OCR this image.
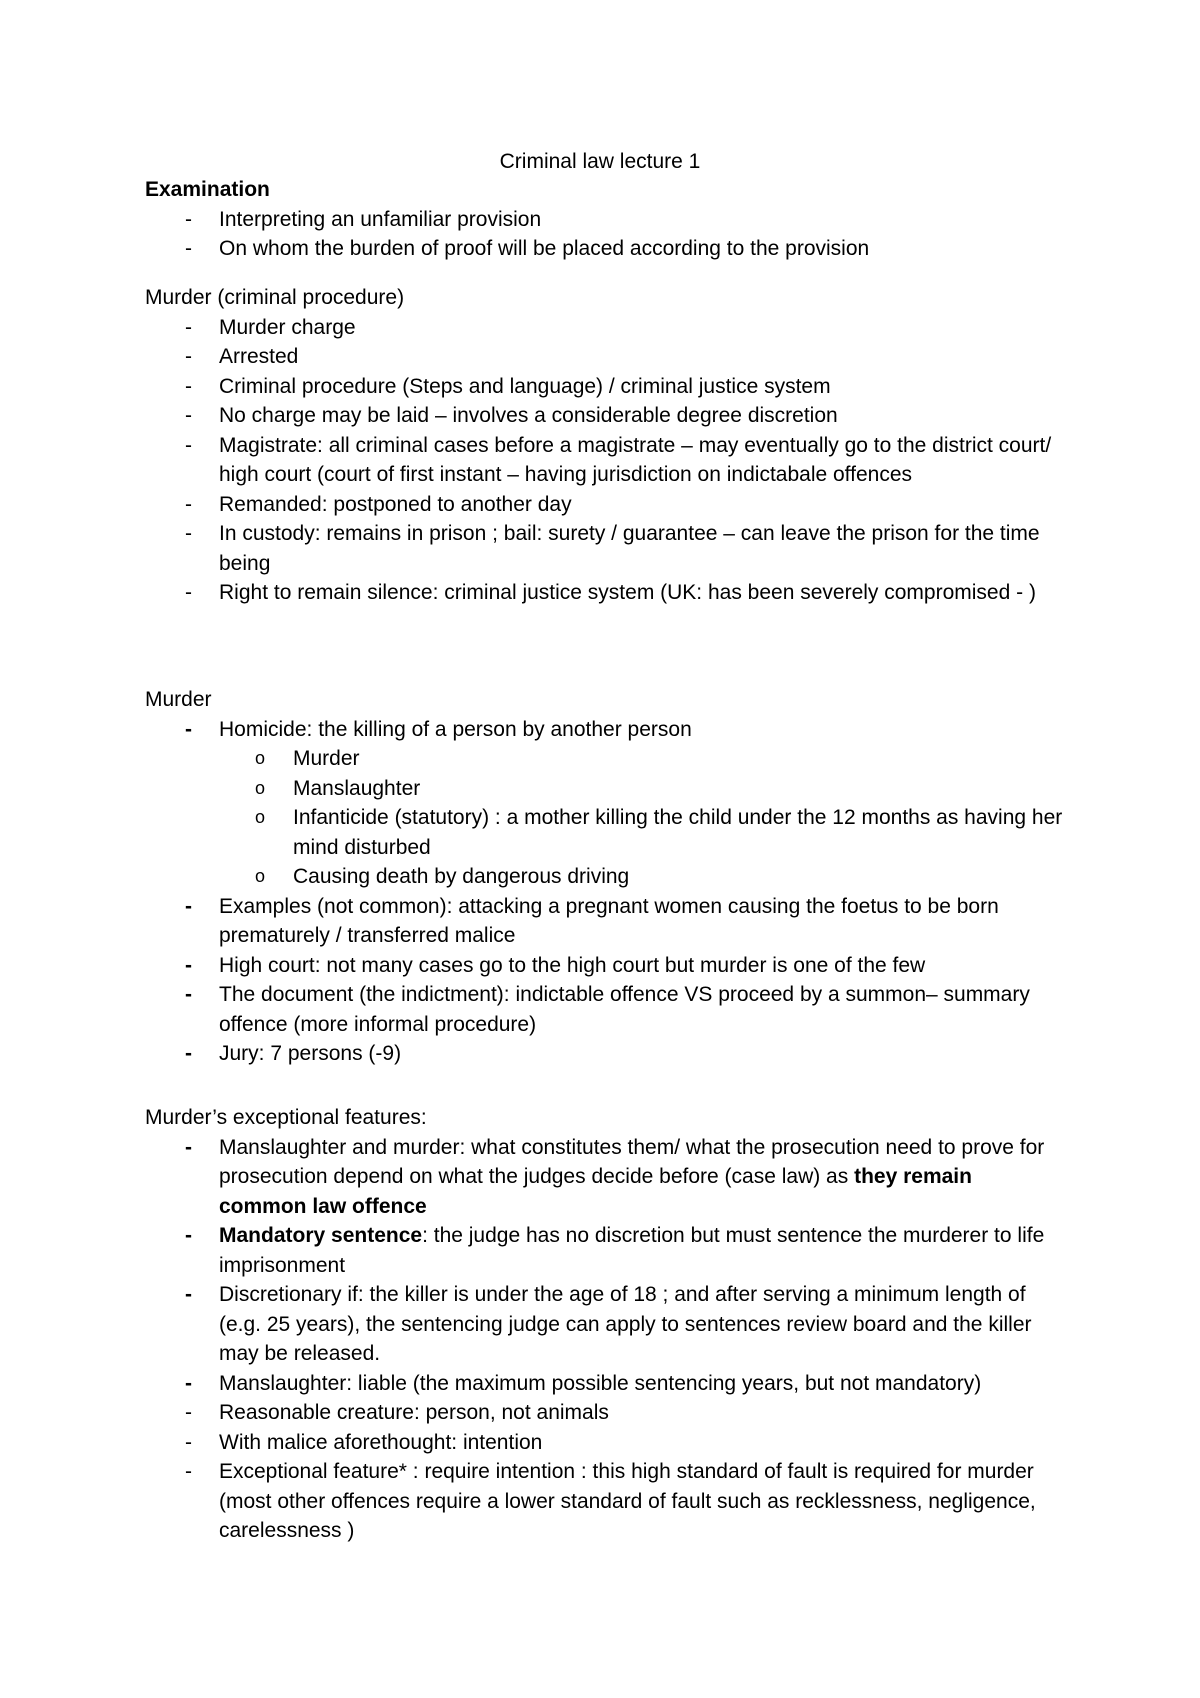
Criminal law lecture 1
Examination
-	Interpreting an unfamiliar provision
-	On whom the burden of proof will be placed according to the provision
Murder (criminal procedure)
-	Murder charge
-	Arrested
-	Criminal procedure (Steps and language) / criminal justice system
-	No charge may be laid – involves a considerable degree discretion
-	Magistrate: all criminal cases before a magistrate – may eventually go to the district court/ high court (court of first instant – having jurisdiction on indictabale offences
-	Remanded: postponed to another day
-	In custody: remains in prison ; bail: surety / guarantee – can leave the prison for the time being
-	Right to remain silence: criminal justice system (UK: has been severely compromised - )
Murder
-	Homicide: the killing of a person by another person
o Murder
o Manslaughter
o Infanticide (statutory) : a mother killing the child under the 12 months as having her mind disturbed
o Causing death by dangerous driving
-	Examples (not common): attacking a pregnant women causing the foetus to be born prematurely / transferred malice
-	High court: not many cases go to the high court but murder is one of the few
-	The document (the indictment): indictable offence VS proceed by a summon– summary offence (more informal procedure)
-	Jury: 7 persons (-9)
Murder’s exceptional features:
-	Manslaughter and murder: what constitutes them/ what the prosecution need to prove for prosecution depend on what the judges decide before (case law) as they remain common law offence
-	Mandatory sentence: the judge has no discretion but must sentence the murderer to life imprisonment
-	Discretionary if: the killer is under the age of 18 ; and after serving a minimum length of (e.g. 25 years), the sentencing judge can apply to sentences review board and the killer may be released.
-	Manslaughter: liable (the maximum possible sentencing years, but not mandatory)
-	Reasonable creature: person, not animals
-	With malice aforethought: intention
-	Exceptional feature* : require intention : this high standard of fault is required for murder (most other offences require a lower standard of fault such as recklessness, negligence, carelessness )
